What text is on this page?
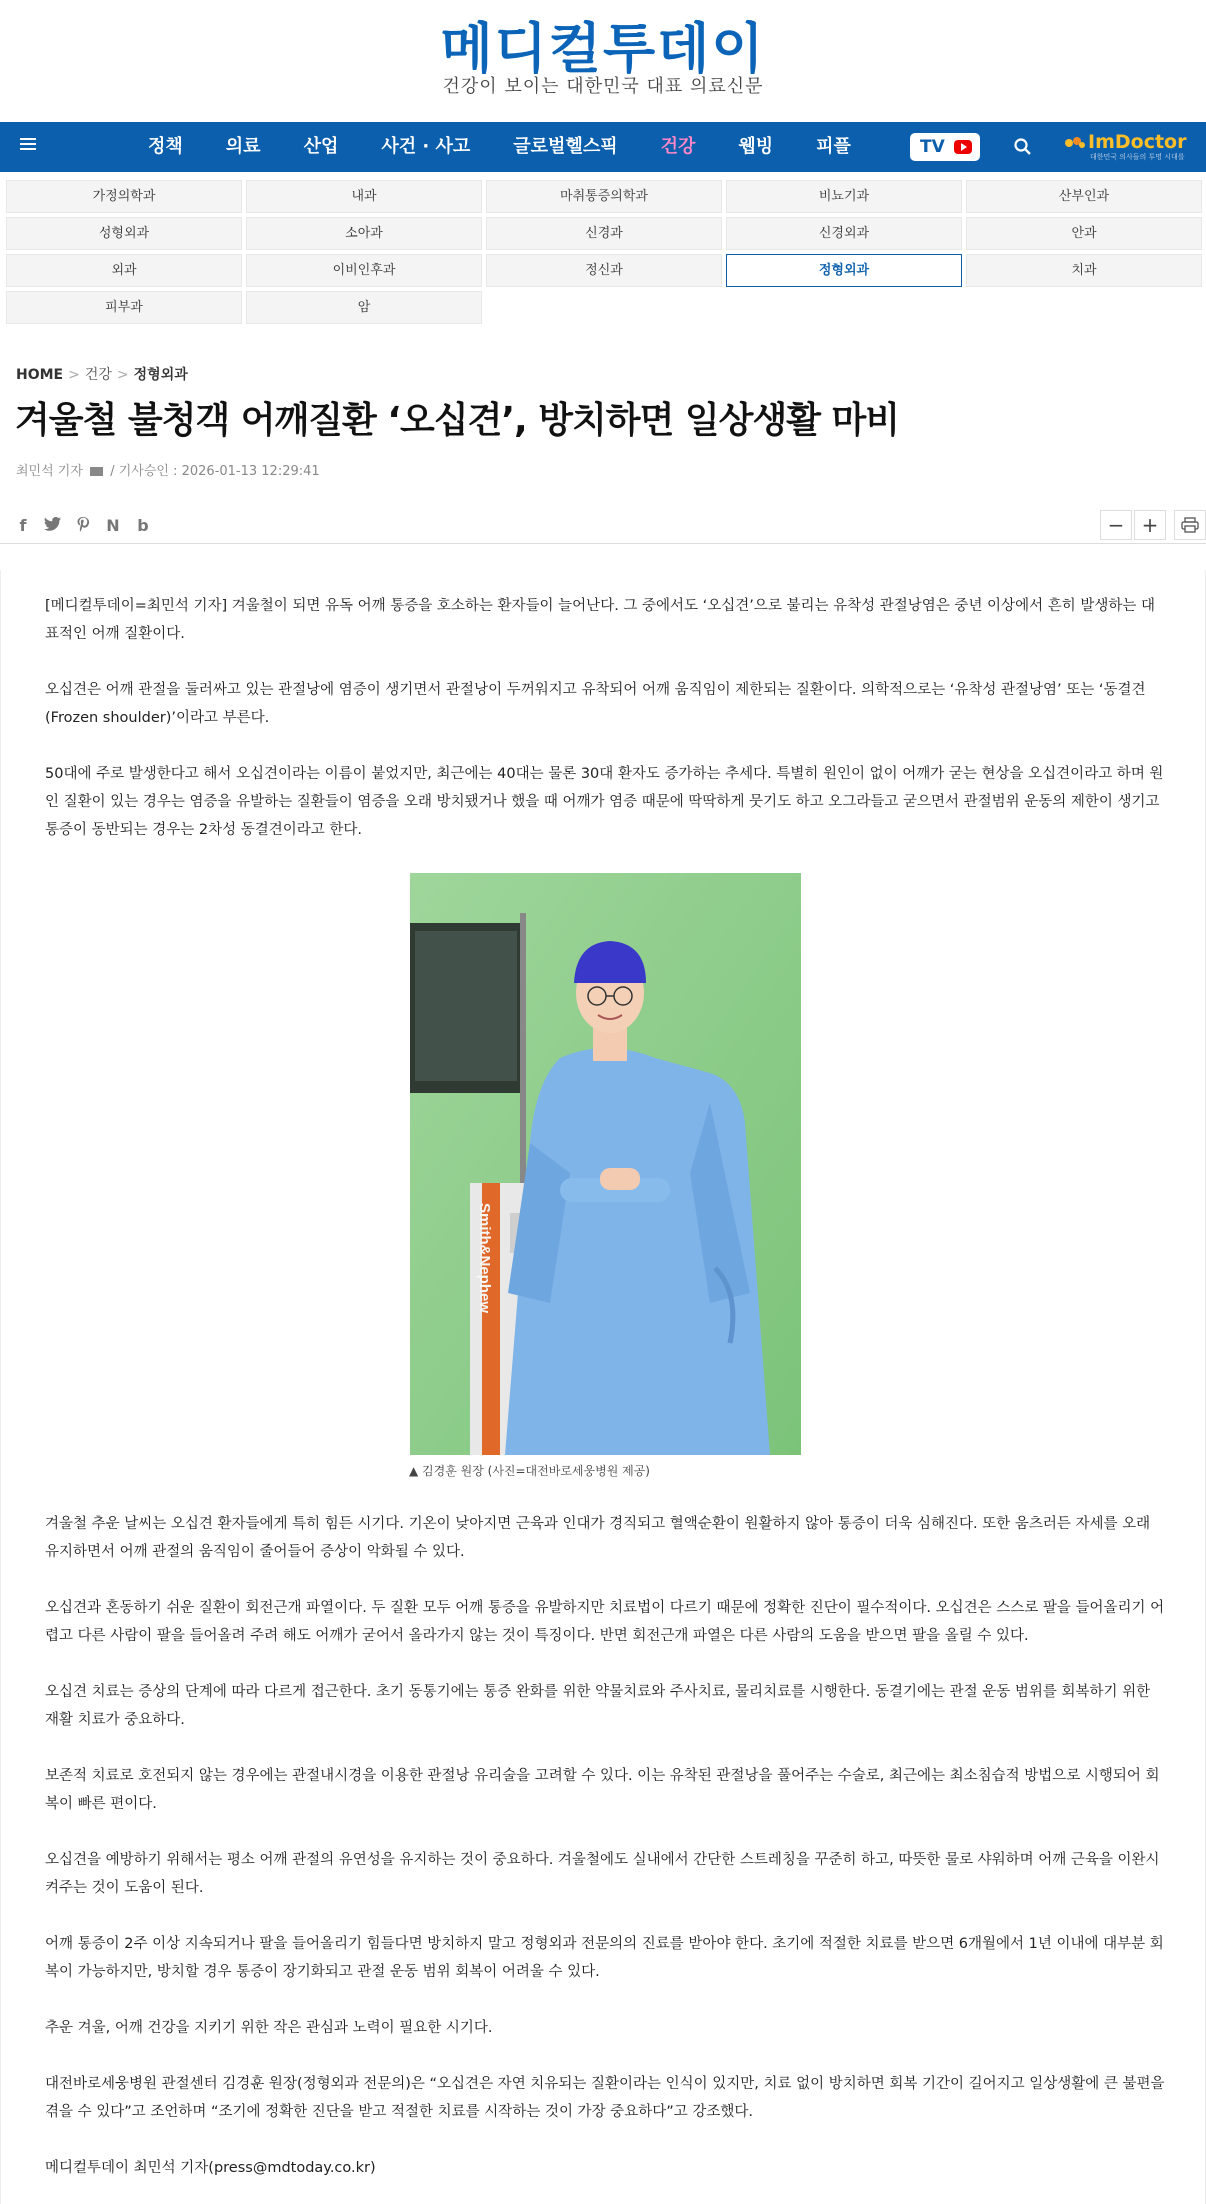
메디컬투데이
건강이 보이는 대한민국 대표 의료신문
정책 의료 산업 사건 · 사고 글로벌헬스픽 건강 웹빙 피플	TV	ImDoctor
대한민국 의사들의 투명 시대를
가정의학과	내과	마취통증의학과	비뇨기과	산부인과
성형외과	소아과	신경과	신경외과	안과
외과	이비인후과	정신과	정형외과	치과
피부과	암
HOME > 건강 > 정형외과
겨울철 불청객 어깨질환 ‘오십견’, 방치하면 일상생활 마비
최민석 기자 / 기사승인 : 2026-01-13 12:29:41
f	N	b	− +

[메디컬투데이=최민석 기자] 겨울철이 되면 유독 어깨 통증을 호소하는 환자들이 늘어난다. 그 중에서도 ‘오십견’으로 불리는 유착성 관절낭염은 중년 이상에서 흔히 발생하는 대표적인 어깨 질환이다.

오십견은 어깨 관절을 둘러싸고 있는 관절낭에 염증이 생기면서 관절낭이 두꺼워지고 유착되어 어깨 움직임이 제한되는 질환이다. 의학적으로는 ‘유착성 관절낭염’ 또는 ‘동결견(Frozen shoulder)’이라고 부른다.

50대에 주로 발생한다고 해서 오십견이라는 이름이 붙었지만, 최근에는 40대는 물론 30대 환자도 증가하는 추세다. 특별히 원인이 없이 어깨가 굳는 현상을 오십견이라고 하며 원인 질환이 있는 경우는 염증을 유발하는 질환들이 염증을 오래 방치됐거나 했을 때 어깨가 염증 때문에 딱딱하게 뭇기도 하고 오그라들고 굳으면서 관절범위 운동의 제한이 생기고 통증이 동반되는 경우는 2차성 동결견이라고 한다.

Smith&Nephew
▲ 김경훈 원장 (사진=대전바로세웅병원 제공)

겨울철 추운 날씨는 오십견 환자들에게 특히 힘든 시기다. 기온이 낮아지면 근육과 인대가 경직되고 혈액순환이 원활하지 않아 통증이 더욱 심해진다. 또한 움츠러든 자세를 오래 유지하면서 어깨 관절의 움직임이 줄어들어 증상이 악화될 수 있다.

오십견과 혼동하기 쉬운 질환이 회전근개 파열이다. 두 질환 모두 어깨 통증을 유발하지만 치료법이 다르기 때문에 정확한 진단이 필수적이다. 오십견은 스스로 팔을 들어올리기 어렵고 다른 사람이 팔을 들어올려 주려 해도 어깨가 굳어서 올라가지 않는 것이 특징이다. 반면 회전근개 파열은 다른 사람의 도움을 받으면 팔을 올릴 수 있다.

오십견 치료는 증상의 단계에 따라 다르게 접근한다. 초기 동통기에는 통증 완화를 위한 약물치료와 주사치료, 물리치료를 시행한다. 동결기에는 관절 운동 범위를 회복하기 위한 재활 치료가 중요하다.

보존적 치료로 호전되지 않는 경우에는 관절내시경을 이용한 관절낭 유리술을 고려할 수 있다. 이는 유착된 관절낭을 풀어주는 수술로, 최근에는 최소침습적 방법으로 시행되어 회복이 빠른 편이다.

오십견을 예방하기 위해서는 평소 어깨 관절의 유연성을 유지하는 것이 중요하다. 겨울철에도 실내에서 간단한 스트레칭을 꾸준히 하고, 따뜻한 물로 샤워하며 어깨 근육을 이완시켜주는 것이 도움이 된다.

어깨 통증이 2주 이상 지속되거나 팔을 들어올리기 힘들다면 방치하지 말고 정형외과 전문의의 진료를 받아야 한다. 초기에 적절한 치료를 받으면 6개월에서 1년 이내에 대부분 회복이 가능하지만, 방치할 경우 통증이 장기화되고 관절 운동 범위 회복이 어려울 수 있다.

추운 겨울, 어깨 건강을 지키기 위한 작은 관심과 노력이 필요한 시기다.

대전바로세웅병원 관절센터 김경훈 원장(정형외과 전문의)은 “오십견은 자연 치유되는 질환이라는 인식이 있지만, 치료 없이 방치하면 회복 기간이 길어지고 일상생활에 큰 불편을 겪을 수 있다”고 조언하며 “조기에 정확한 진단을 받고 적절한 치료를 시작하는 것이 가장 중요하다”고 강조했다.

메디컬투데이 최민석 기자(press@mdtoday.co.kr)
